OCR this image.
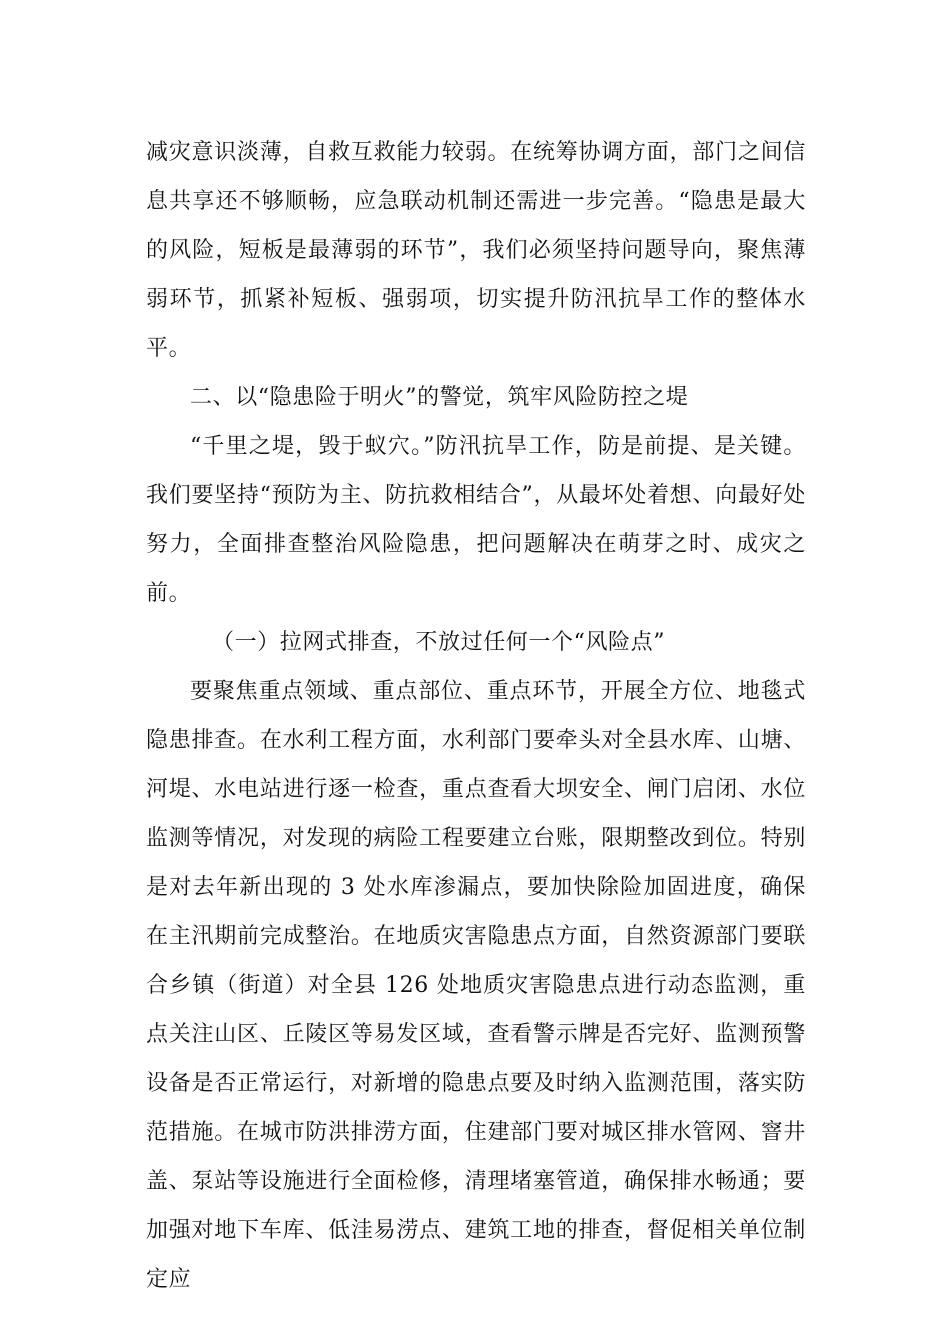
减灾意识淡薄，自救互救能力较弱。在统筹协调方面，部门之间信息共享还不够顺畅，应急联动机制还需进一步完善。“隐患是最大的风险，短板是最薄弱的环节”，我们必须坚持问题导向，聚焦薄弱环节，抓紧补短板、强弱项，切实提升防汛抗旱工作的整体水平。

二、以“隐患险于明火”的警觉，筑牢风险防控之堤

“千里之堤，毁于蚁穴。”防汛抗旱工作，防是前提、是关键。我们要坚持“预防为主、防抗救相结合”，从最坏处着想、向最好处努力，全面排查整治风险隐患，把问题解决在萌芽之时、成灾之前。

（一）拉网式排查，不放过任何一个“风险点”

要聚焦重点领域、重点部位、重点环节，开展全方位、地毯式隐患排查。在水利工程方面，水利部门要牵头对全县水库、山塘、河堤、水电站进行逐一检查，重点查看大坝安全、闸门启闭、水位监测等情况，对发现的病险工程要建立台账，限期整改到位。特别是对去年新出现的 3 处水库渗漏点，要加快除险加固进度，确保在主汛期前完成整治。在地质灾害隐患点方面，自然资源部门要联合乡镇（街道）对全县 126 处地质灾害隐患点进行动态监测，重点关注山区、丘陵区等易发区域，查看警示牌是否完好、监测预警设备是否正常运行，对新增的隐患点要及时纳入监测范围，落实防范措施。在城市防洪排涝方面，住建部门要对城区排水管网、窨井盖、泵站等设施进行全面检修，清理堵塞管道，确保排水畅通；要加强对地下车库、低洼易涝点、建筑工地的排查，督促相关单位制定应
